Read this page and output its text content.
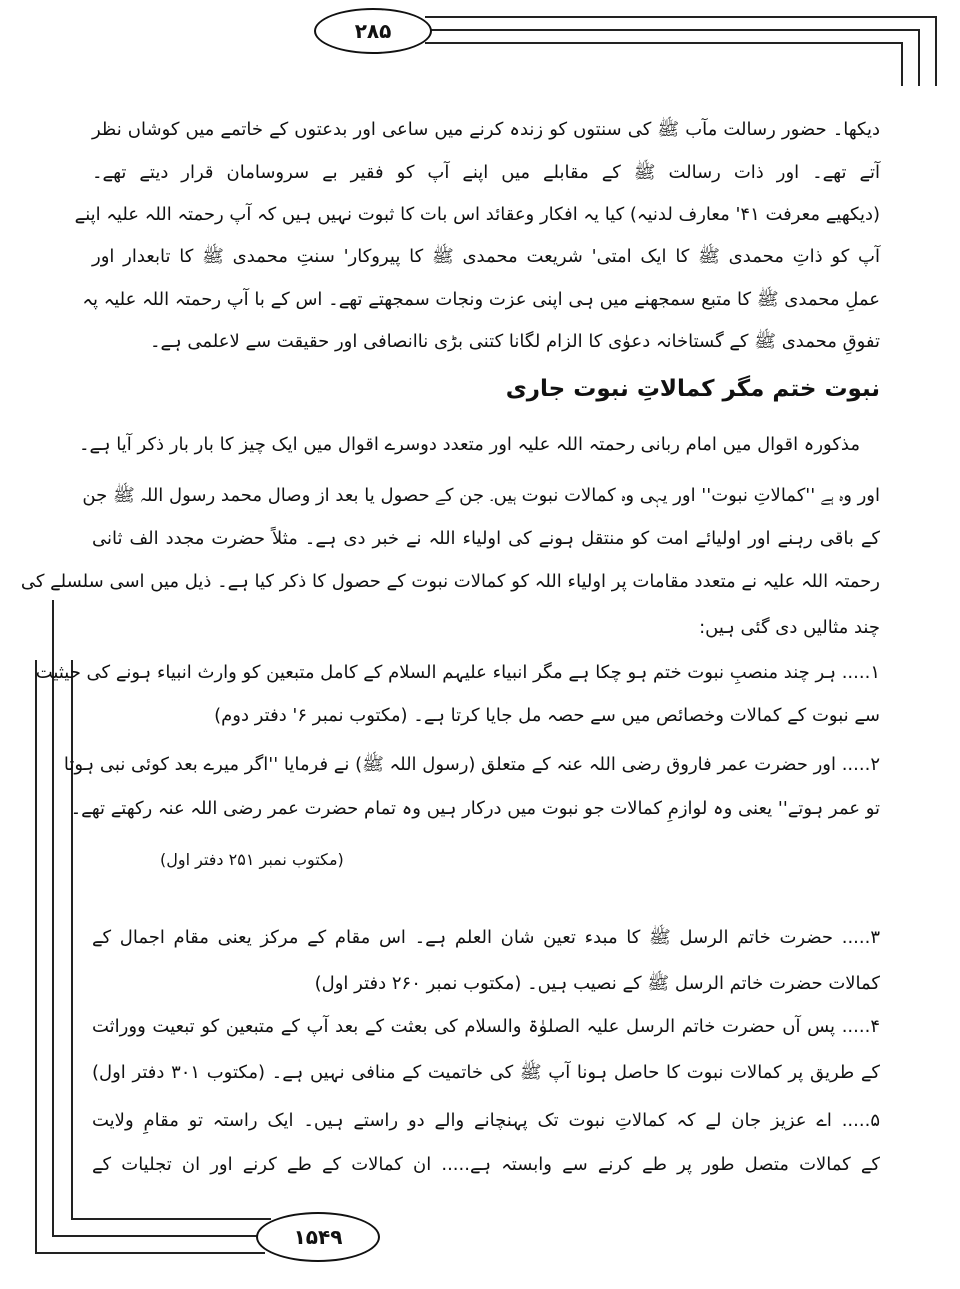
۲۸۵
۱۵۴۹
دیکھا۔ حضور رسالت مآب ﷺ کی سنتوں کو زندہ کرنے میں ساعی اور بدعتوں کے خاتمے میں کوشاں نظر
آتے تھے۔ اور ذات رسالت ﷺ کے مقابلے میں اپنے آپ کو فقیر بے سروسامان قرار دیتے تھے۔
(دیکھیے معرفت ۴۱' معارف لدنیہ) کیا یہ افکار وعقائد اس بات کا ثبوت نہیں ہیں کہ آپ رحمتہ اللہ علیہ اپنے
آپ کو ذاتِ محمدی ﷺ کا ایک امتی' شریعت محمدی ﷺ کا پیروکار' سنتِ محمدی ﷺ کا تابعدار اور
عملِ محمدی ﷺ کا متبع سمجھنے میں ہی اپنی عزت ونجات سمجھتے تھے۔ اس کے با آپ رحمتہ اللہ علیہ پہ
تفوقِ محمدی ﷺ کے گستاخانہ دعوٰی کا الزام لگانا کتنی بڑی ناانصافی اور حقیقت سے لاعلمی ہے۔
نبوت ختم مگر کمالاتِ نبوت جاری
مذکورہ اقوال میں امام ربانی رحمتہ اللہ علیہ اور متعدد دوسرے اقوال میں ایک چیز کا بار بار ذکر آیا ہے۔
اور وہ ہے ''کمالاتِ نبوت'' اور یہی وہ کمالات نبوت ہیں۔ جن کے حصول یا بعد از وصال محمد رسول اللہ ﷺ جن
کے باقی رہنے اور اولیائے امت کو منتقل ہونے کی اولیاء اللہ نے خبر دی ہے۔ مثلاً حضرت مجدد الف ثانی
رحمتہ اللہ علیہ نے متعدد مقامات پر اولیاء اللہ کو کمالات نبوت کے حصول کا ذکر کیا ہے۔ ذیل میں اسی سلسلے کی
چند مثالیں دی گئی ہیں:
۱..... ہر چند منصبِ نبوت ختم ہو چکا ہے مگر انبیاء علیہم السلام کے کامل متبعین کو وارث انبیاء ہونے کی حیثیت
سے نبوت کے کمالات وخصائص میں سے حصہ مل جایا کرتا ہے۔ (مکتوب نمبر ۶' دفتر دوم)
۲..... اور حضرت عمر فاروق رضی اللہ عنہ کے متعلق (رسول اللہ ﷺ) نے فرمایا ''اگر میرے بعد کوئی نبی ہوتا
تو عمر ہوتے'' یعنی وہ لوازمِ کمالات جو نبوت میں درکار ہیں وہ تمام حضرت عمر رضی اللہ عنہ رکھتے تھے۔
(مکتوب نمبر ۲۵۱ دفتر اول)
۳..... حضرت خاتم الرسل ﷺ کا مبدء تعین شان العلم ہے۔ اس مقام کے مرکز یعنی مقام اجمال کے
کمالات حضرت خاتم الرسل ﷺ کے نصیب ہیں۔ (مکتوب نمبر ۲۶۰ دفتر اول)
۴..... پس آں حضرت خاتم الرسل علیہ الصلوٰۃ والسلام کی بعثت کے بعد آپ کے متبعین کو تبعیت ووراثت
کے طریق پر کمالات نبوت کا حاصل ہونا آپ ﷺ کی خاتمیت کے منافی نہیں ہے۔ (مکتوب ۳۰۱ دفتر اول)
۵..... اے عزیز جان لے کہ کمالاتِ نبوت تک پہنچانے والے دو راستے ہیں۔ ایک راستہ تو مقامِ ولایت
کے کمالات متصل طور پر طے کرنے سے وابستہ ہے..... ان کمالات کے طے کرنے اور ان تجلیات کے
